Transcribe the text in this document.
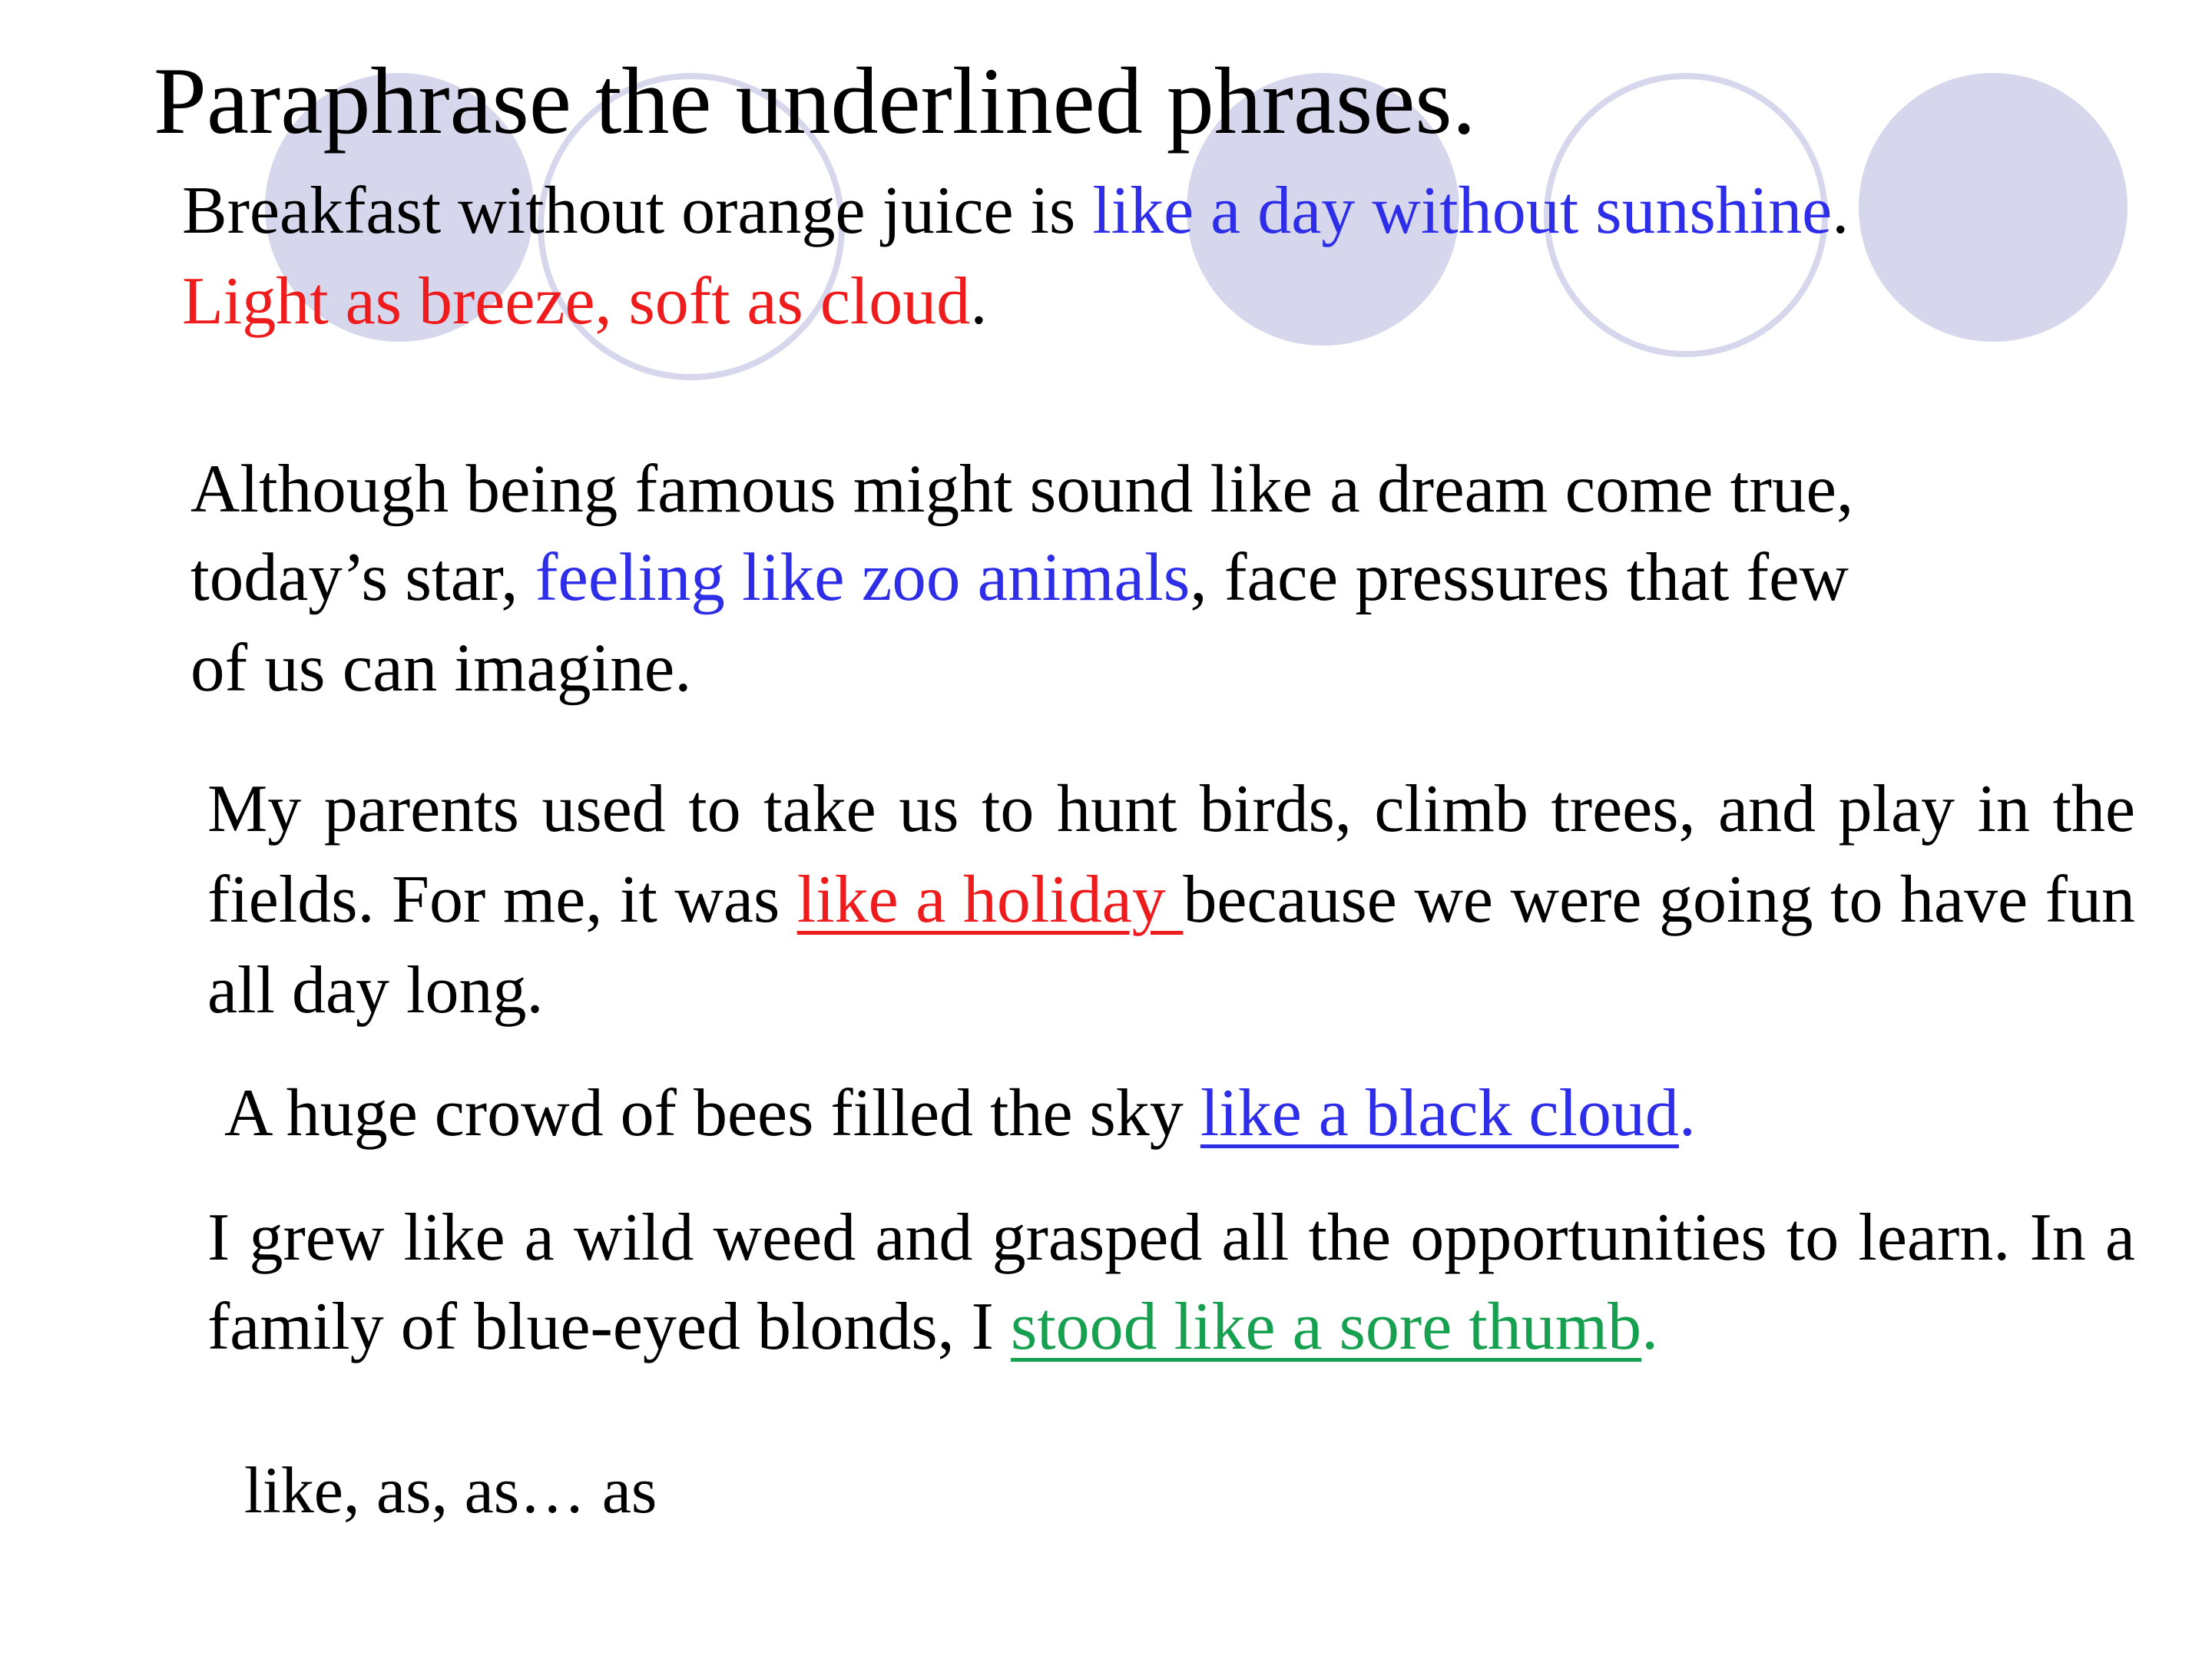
Paraphrase the underlined phrases.
Breakfast without orange juice is like a day without sunshine.
Light as breeze, soft as cloud.
Although being famous might sound like a dream come true,
today’s star, feeling like zoo animals, face pressures that few
of us can imagine.

My parents used to take us to hunt birds, climb trees, and play in the fields. For me, it was like a holiday because we were going to have fun all day long.

A huge crowd of bees filled the sky like a black cloud.

I grew like a wild weed and grasped all the opportunities to learn. In a family of blue-eyed blonds, I stood like a sore thumb.

like, as, as… as
